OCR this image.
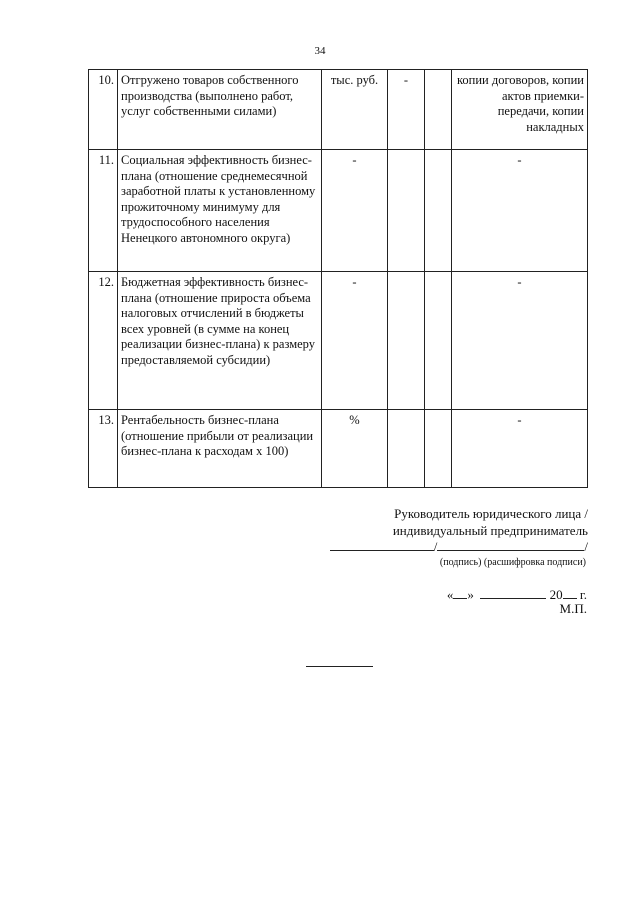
34
10.	Отгружено товаров собственного производства (выполнено работ, услуг собственными силами)	тыс. руб.	-		копии договоров, копии актов приемки-передачи, копии накладных
11.	Социальная эффективность бизнес-плана (отношение среднемесячной заработной платы к установленному прожиточному минимуму для трудоспособного населения Ненецкого автономного округа)	-			-
12.	Бюджетная эффективность бизнес-плана (отношение прироста объема налоговых отчислений в бюджеты всех уровней (в сумме на конец реализации бизнес-плана) к размеру предоставляемой субсидии)	-			-
13.	Рентабельность бизнес-плана (отношение прибыли от реализации бизнес-плана к расходам х 100)	%			-
Руководитель юридического лица /
индивидуальный предприниматель
/	/
(подпись) (расшифровка подписи)
« »	20 г.
М.П.
